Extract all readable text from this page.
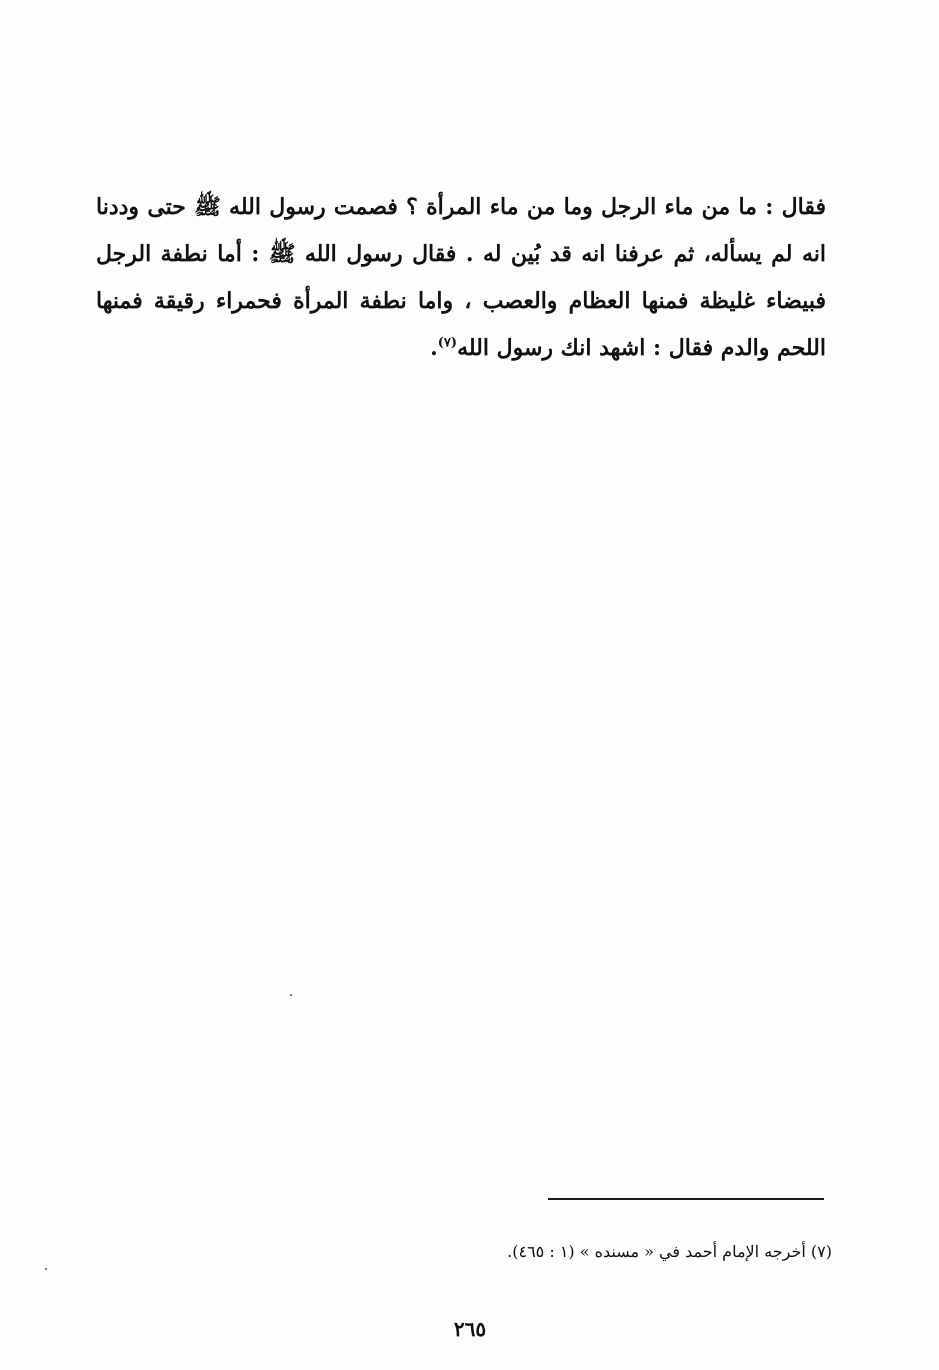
فقال : ما من ماء الرجل وما من ماء المرأة ؟ فصمت رسول الله ﷺ حتى وددنا
انه لم يسأله، ثم عرفنا انه قد بُين له . فقال رسول الله ﷺ : أما نطفة الرجل
فبيضاء غليظة فمنها العظام والعصب ، واما نطفة المرأة فحمراء رقيقة فمنها
اللحم والدم فقال : اشهد انك رسول الله$^{(٧)}$.
(٧) أخرجه الإمام أحمد في « مسنده » (١ : ٤٦٥).
٢٦٥
